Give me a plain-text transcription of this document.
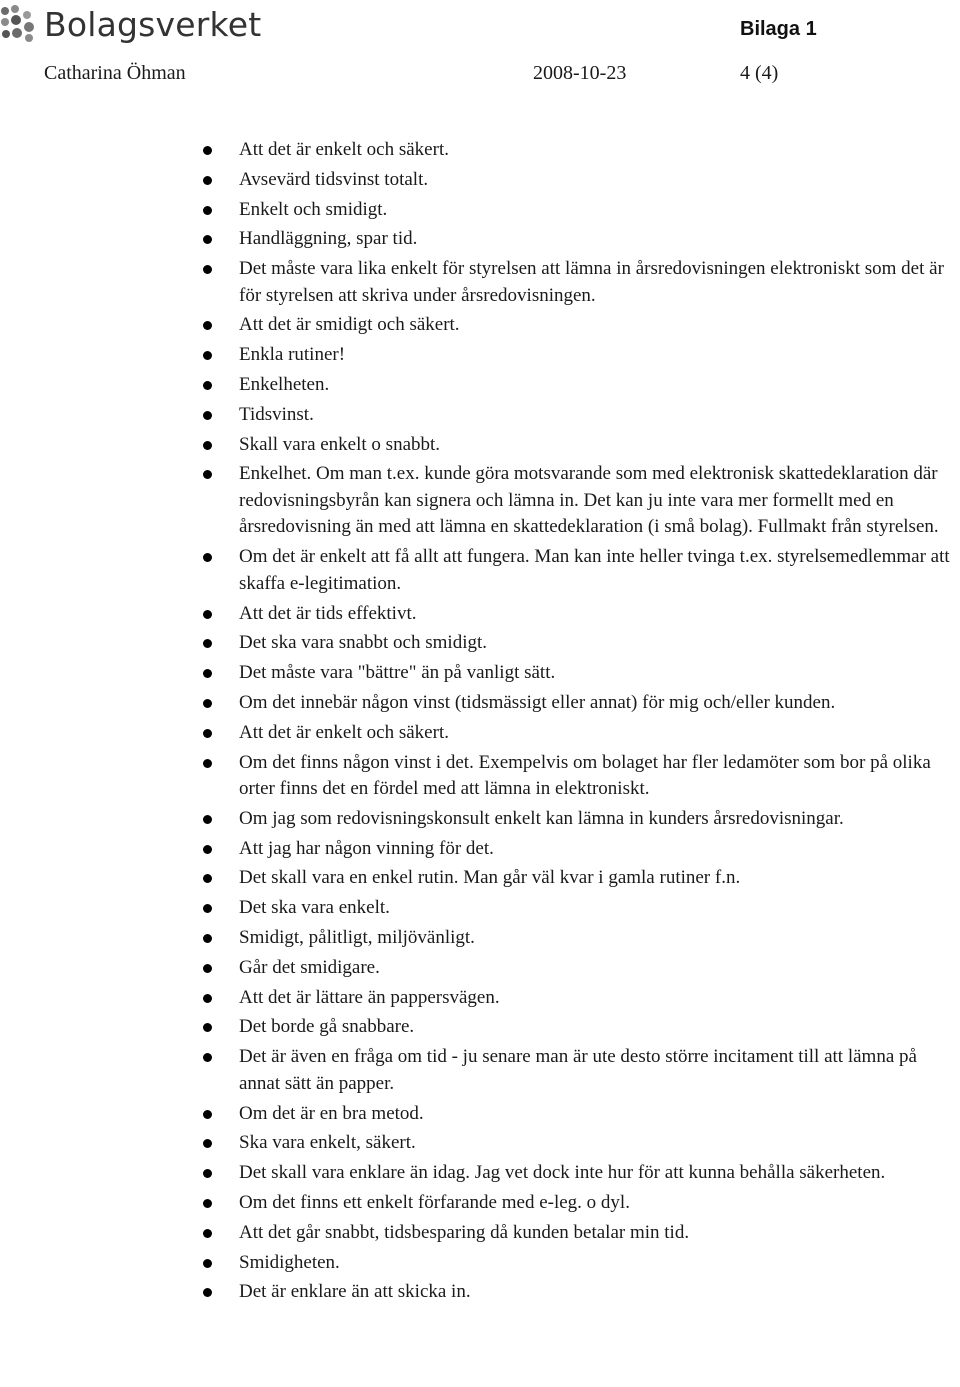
Bolagsverket	Bilaga 1
Catharina Öhman	2008-10-23	4 (4)
Att det är enkelt och säkert.
Avsevärd tidsvinst totalt.
Enkelt och smidigt.
Handläggning, spar tid.
Det måste vara lika enkelt för styrelsen att lämna in årsredovisningen elektroniskt som det är för styrelsen att skriva under årsredovisningen.
Att det är smidigt och säkert.
Enkla rutiner!
Enkelheten.
Tidsvinst.
Skall vara enkelt o snabbt.
Enkelhet. Om man t.ex. kunde göra motsvarande som med elektronisk skattedeklaration där redovisningsbyrån kan signera och lämna in. Det kan ju inte vara mer formellt med en årsredovisning än med att lämna en skattedeklaration (i små bolag). Fullmakt från styrelsen.
Om det är enkelt att få allt att fungera. Man kan inte heller tvinga t.ex. styrelsemedlemmar att skaffa e-legitimation.
Att det är tids effektivt.
Det ska vara snabbt och smidigt.
Det måste vara "bättre" än på vanligt sätt.
Om det innebär någon vinst (tidsmässigt eller annat) för mig och/eller kunden.
Att det är enkelt och säkert.
Om det finns någon vinst i det. Exempelvis om bolaget har fler ledamöter som bor på olika orter finns det en fördel med att lämna in elektroniskt.
Om jag som redovisningskonsult enkelt kan lämna in kunders årsredovisningar.
Att jag har någon vinning för det.
Det skall vara en enkel rutin. Man går väl kvar i gamla rutiner f.n.
Det ska vara enkelt.
Smidigt, pålitligt, miljövänligt.
Går det smidigare.
Att det är lättare än pappersvägen.
Det borde gå snabbare.
Det är även en fråga om tid - ju senare man är ute desto större incitament till att lämna på annat sätt än papper.
Om det är en bra metod.
Ska vara enkelt, säkert.
Det skall vara enklare än idag. Jag vet dock inte hur för att kunna behålla säkerheten.
Om det finns ett enkelt förfarande med e-leg. o dyl.
Att det går snabbt, tidsbesparing då kunden betalar min tid.
Smidigheten.
Det är enklare än att skicka in.
